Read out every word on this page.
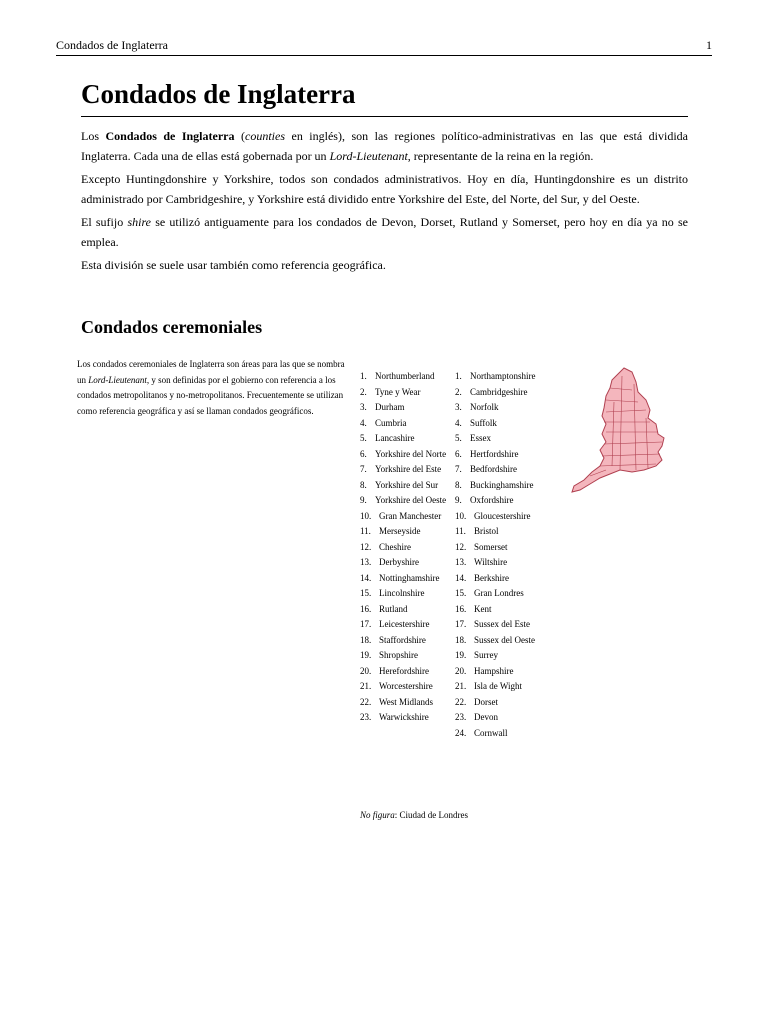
Condados de Inglaterra	1
Condados de Inglaterra

Los Condados de Inglaterra (counties en inglés), son las regiones político-administrativas en las que está dividida Inglaterra. Cada una de ellas está gobernada por un Lord-Lieutenant, representante de la reina en la región.

Excepto Huntingdonshire y Yorkshire, todos son condados administrativos. Hoy en día, Huntingdonshire es un distrito administrado por Cambridgeshire, y Yorkshire está dividido entre Yorkshire del Este, del Norte, del Sur, y del Oeste.

El sufijo shire se utilizó antiguamente para los condados de Devon, Dorset, Rutland y Somerset, pero hoy en día ya no se emplea.

Esta división se suele usar también como referencia geográfica.

Condados ceremoniales
Los condados ceremoniales de Inglaterra son áreas para las que se nombra un Lord-Lieutenant, y son definidas por el gobierno con referencia a los condados metropolitanos y no-metropolitanos. Frecuentemente se utilizan como referencia geográfica y así se llaman condados geográficos.
1. Northumberland
2. Tyne y Wear
3. Durham
4. Cumbria
5. Lancashire
6. Yorkshire del Norte
7. Yorkshire del Este
8. Yorkshire del Sur
9. Yorkshire del Oeste
10. Gran Manchester
11. Merseyside
12. Cheshire
13. Derbyshire
14. Nottinghamshire
15. Lincolnshire
16. Rutland
17. Leicestershire
18. Staffordshire
19. Shropshire
20. Herefordshire
21. Worcestershire
22. West Midlands
23. Warwickshire
1. Northamptonshire
2. Cambridgeshire
3. Norfolk
4. Suffolk
5. Essex
6. Hertfordshire
7. Bedfordshire
8. Buckinghamshire
9. Oxfordshire
10. Gloucestershire
11. Bristol
12. Somerset
13. Wiltshire
14. Berkshire
15. Gran Londres
16. Kent
17. Sussex del Este
18. Sussex del Oeste
19. Surrey
20. Hampshire
21. Isla de Wight
22. Dorset
23. Devon
24. Cornwall
No figura: Ciudad de Londres
